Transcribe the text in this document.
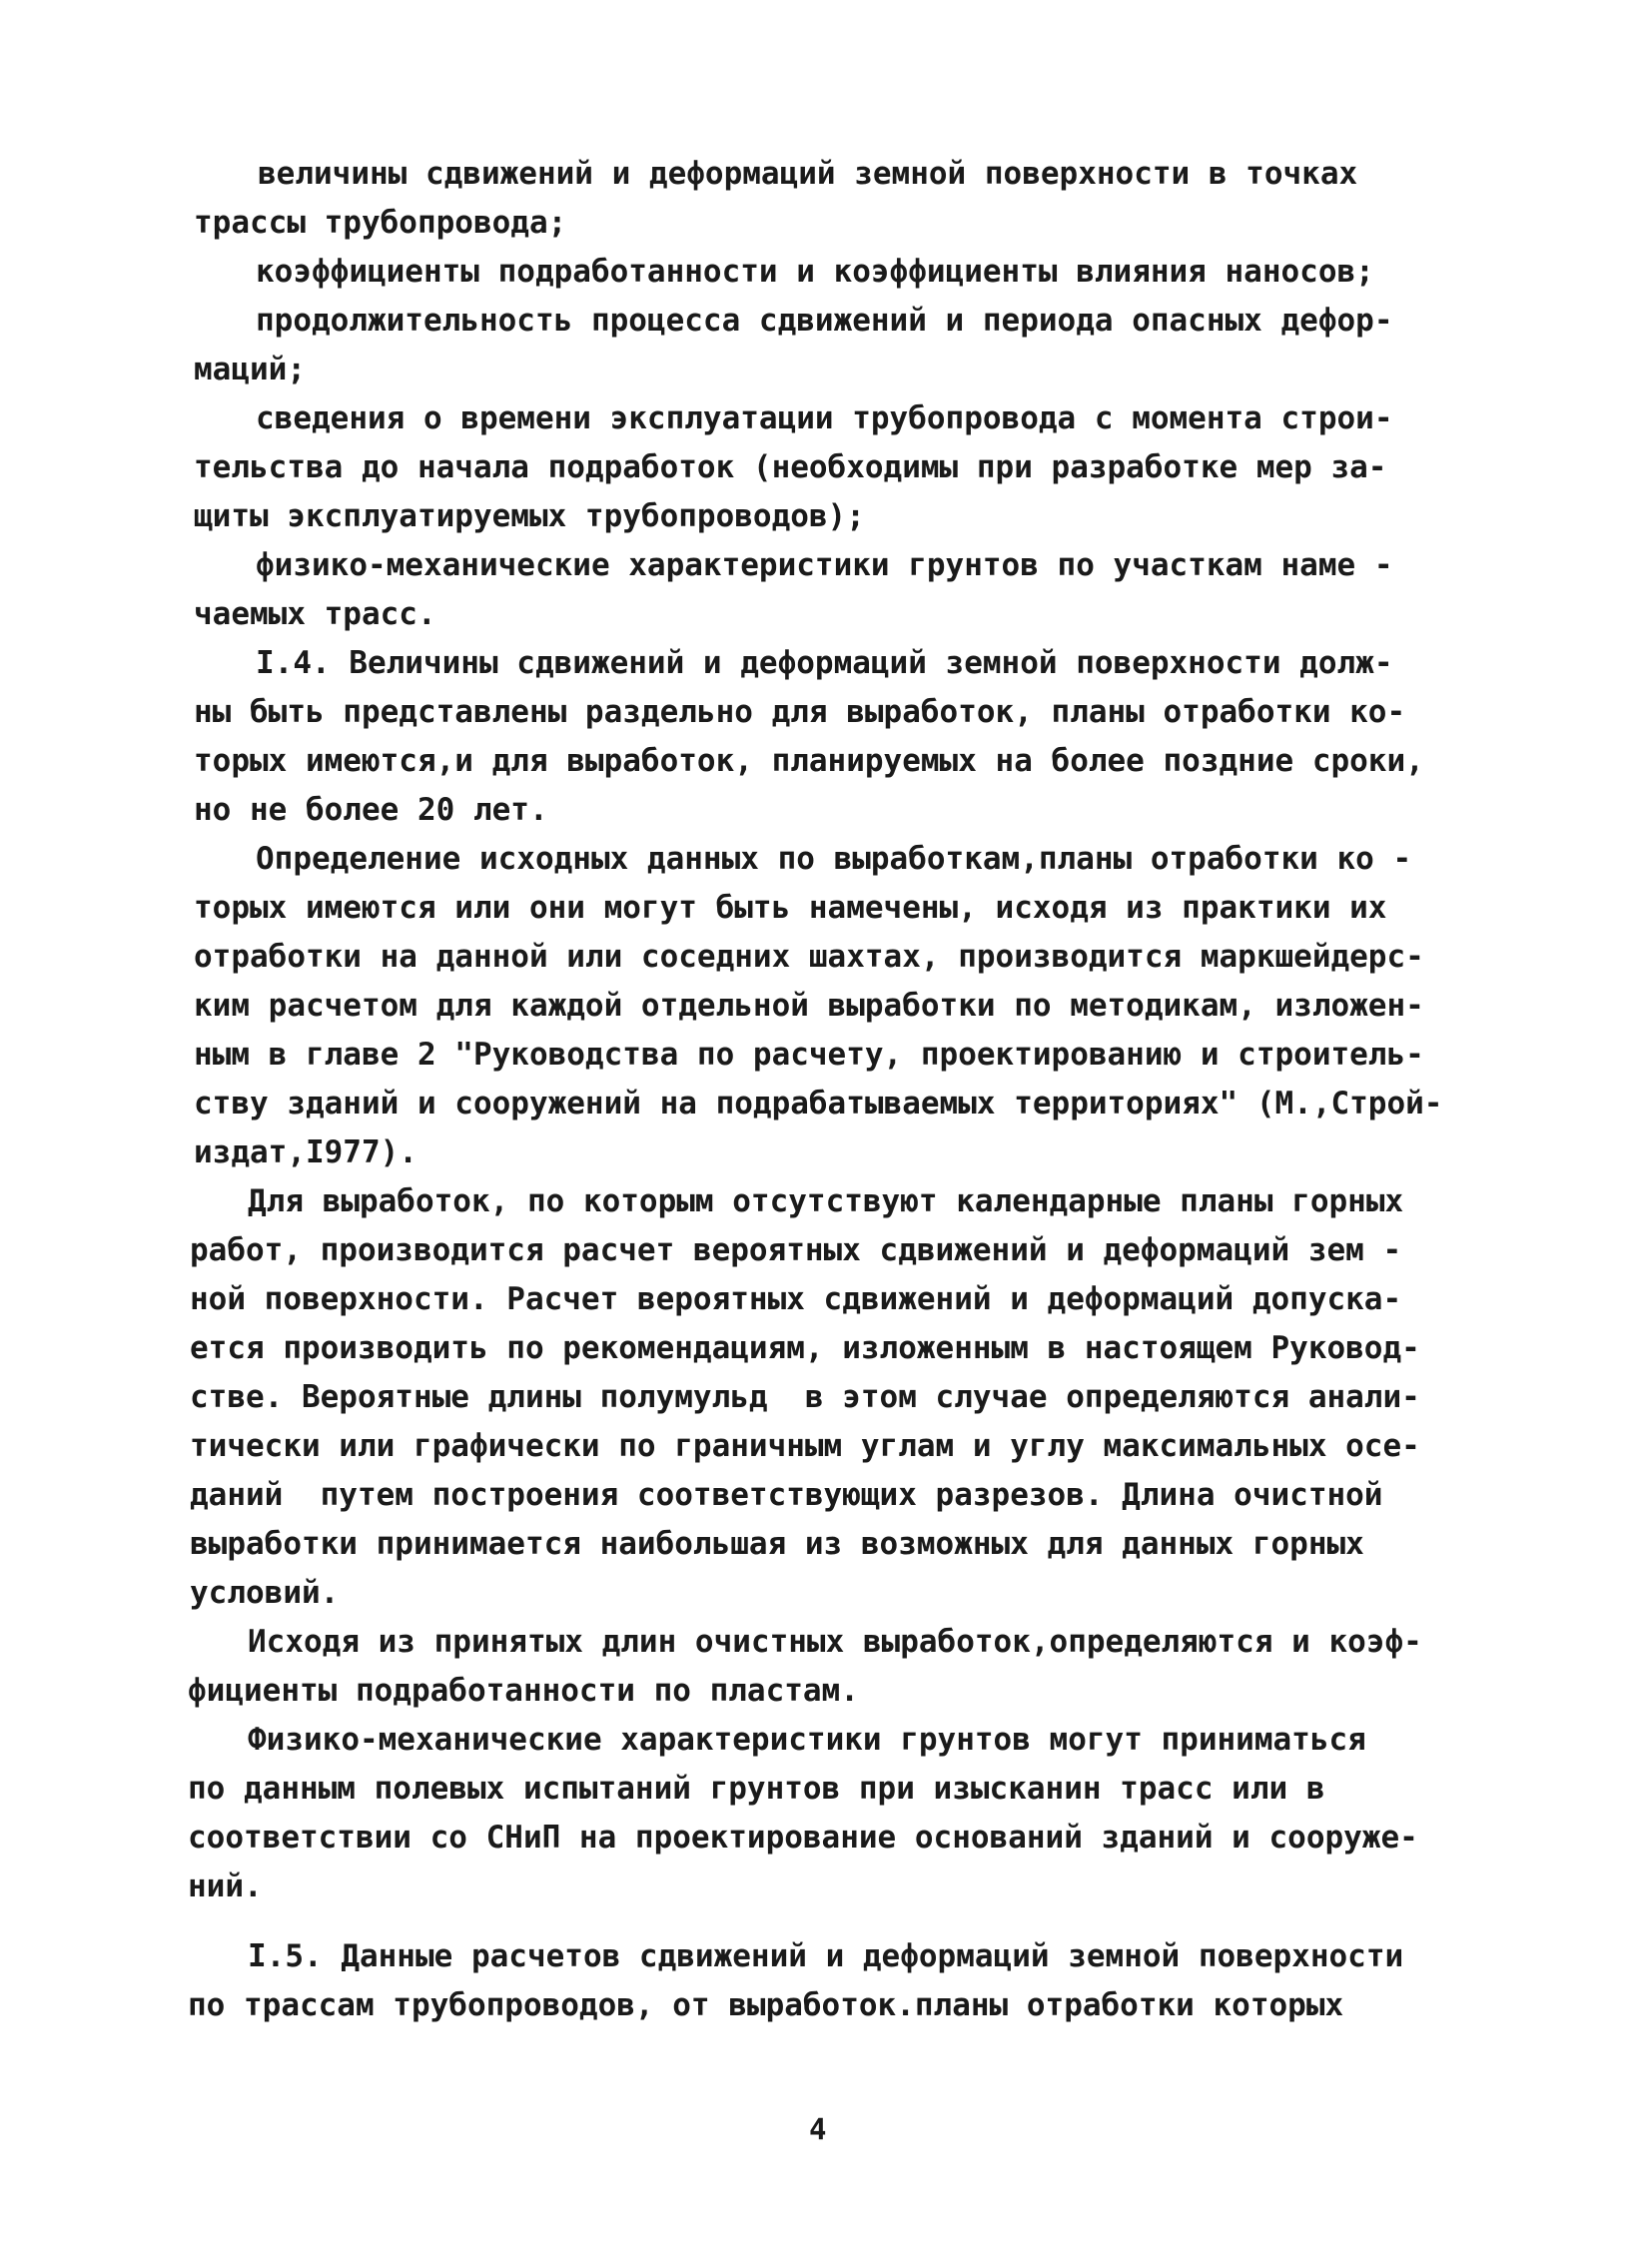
величины сдвижений и деформаций земной поверхности в точках
трассы трубопровода;
коэффициенты подработанности и коэффициенты влияния наносов;
продолжительность процесса сдвижений и периода опасных дефор-
маций;
сведения о времени эксплуатации трубопровода с момента строи-
тельства до начала подработок (необходимы при разработке мер за-
щиты эксплуатируемых трубопроводов);
физико-механические характеристики грунтов по участкам наме -
чаемых трасс.
I.4. Величины сдвижений и деформаций земной поверхности долж-
ны быть представлены раздельно для выработок, планы отработки ко-
торых имеются,и для выработок, планируемых на более поздние сроки,
но не более 20 лет.
Определение исходных данных по выработкам,планы отработки ко -
торых имеются или они могут быть намечены, исходя из практики их
отработки на данной или соседних шахтах, производится маркшейдерс-
ким расчетом для каждой отдельной выработки по методикам, изложен-
ным в главе 2 "Руководства по расчету, проектированию и строитель-
ству зданий и сооружений на подрабатываемых территориях" (М.,Строй-
издат,I977).
Для выработок, по которым отсутствуют календарные планы горных
работ, производится расчет вероятных сдвижений и деформаций зем -
ной поверхности. Расчет вероятных сдвижений и деформаций допуска-
ется производить по рекомендациям, изложенным в настоящем Руковод-
стве. Вероятные длины полумульд  в этом случае определяются анали-
тически или графически по граничным углам и углу максимальных осе-
даний  путем построения соответствующих разрезов. Длина очистной
выработки принимается наибольшая из возможных для данных горных
условий.
Исходя из принятых длин очистных выработок,определяются и коэф-
фициенты подработанности по пластам.
Физико-механические характеристики грунтов могут приниматься
по данным полевых испытаний грунтов при изысканин трасс или в
соответствии со СНиП на проектирование оснований зданий и сооруже-
ний.
I.5. Данные расчетов сдвижений и деформаций земной поверхности
по трассам трубопроводов, от выработок.планы отработки которых
4
